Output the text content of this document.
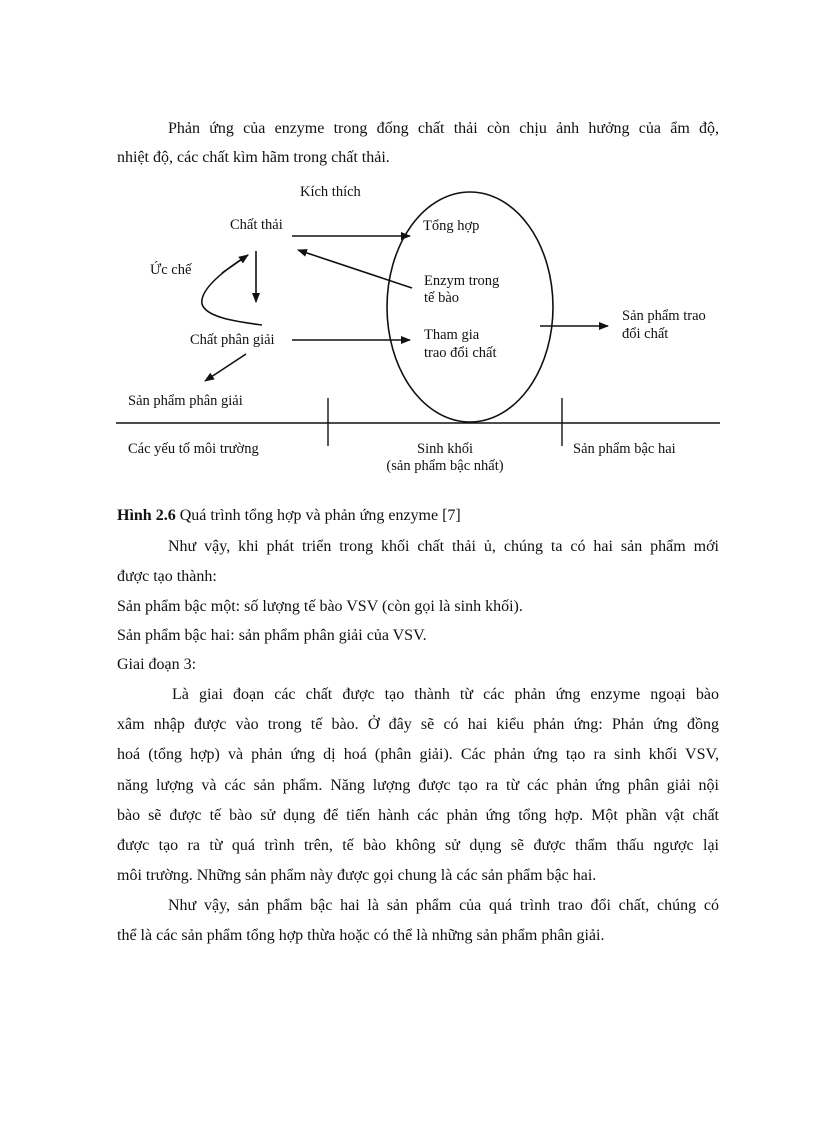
Phản ứng của enzyme trong đống chất thải còn chịu ảnh hưởng của ẩm độ,
nhiệt độ, các chất kìm hãm trong chất thải.
Kích thích
Chất thải
Ức chế
Chất phân giải
Sản phẩm phân giải
Tổng hợp
Enzym trong
tế bào
Tham gia
trao đổi chất
Sản phẩm trao
đổi chất
Các yếu tố môi trường	Sinh khối
(sản phẩm bậc nhất)
Sản phẩm bậc hai
Hình 2.6 Quá trình tổng hợp và phản ứng enzyme [7]
Như vậy, khi phát triển trong khối chất thải ủ, chúng ta có hai sản phẩm mới
được tạo thành:
Sản phẩm bậc một: số lượng tế bào VSV (còn gọi là sinh khối).
Sản phẩm bậc hai: sản phẩm phân giải của VSV.
Giai đoạn 3:
Là giai đoạn các chất được tạo thành từ các phản ứng enzyme ngoại bào
xâm nhập được vào trong tế bào. Ở đây sẽ có hai kiểu phản ứng: Phản ứng đồng
hoá (tổng hợp) và phản ứng dị hoá (phân giải). Các phản ứng tạo ra sinh khối VSV,
năng lượng và các sản phẩm. Năng lượng được tạo ra từ các phản ứng phân giải nội
bào sẽ được tế bào sử dụng để tiến hành các phản ứng tổng hợp. Một phần vật chất
được tạo ra từ quá trình trên, tế bào không sử dụng sẽ được thẩm thấu ngược lại
môi trường. Những sản phẩm này được gọi chung là các sản phẩm bậc hai.
Như vậy, sản phẩm bậc hai là sản phẩm của quá trình trao đổi chất, chúng có
thể là các sản phẩm tổng hợp thừa hoặc có thể là những sản phẩm phân giải.
